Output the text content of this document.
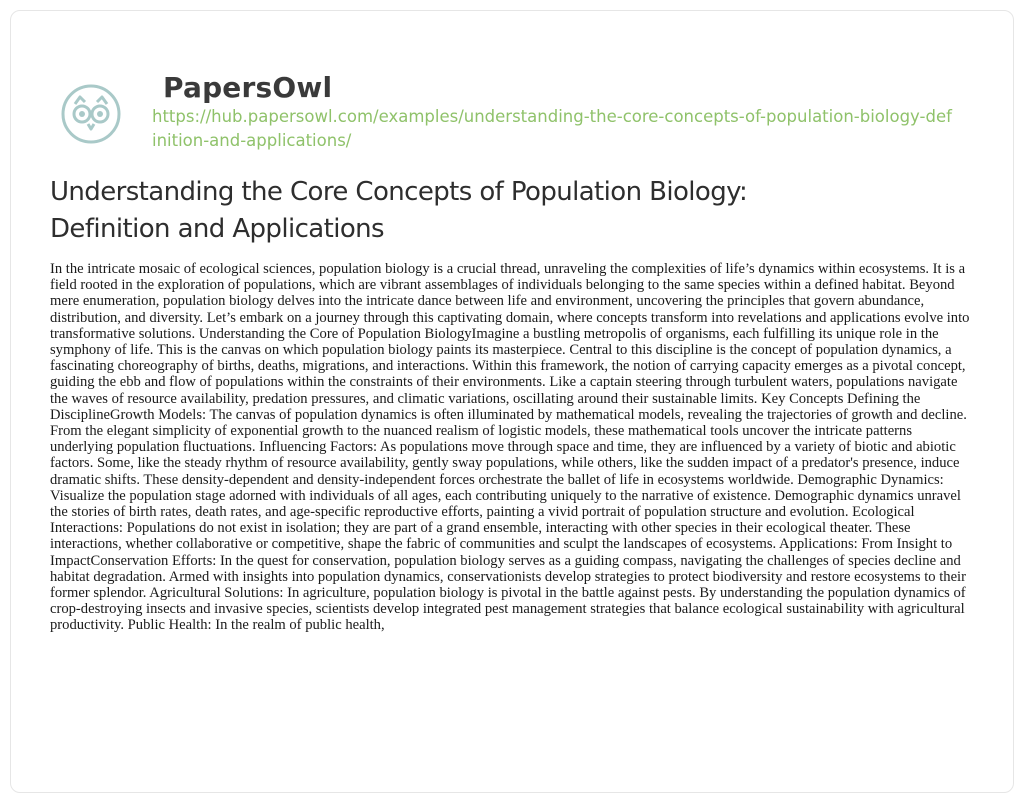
PapersOwl
https://hub.papersowl.com/examples/understanding-the-core-concepts-of-population-biology-definition-and-applications/
Understanding the Core Concepts of Population Biology: Definition and Applications

In the intricate mosaic of ecological sciences, population biology is a crucial thread, unraveling the complexities of life’s dynamics within ecosystems. It is a field rooted in the exploration of populations, which are vibrant assemblages of individuals belonging to the same species within a defined habitat. Beyond mere enumeration, population biology delves into the intricate dance between life and environment, uncovering the principles that govern abundance, distribution, and diversity. Let’s embark on a journey through this captivating domain, where concepts transform into revelations and applications evolve into transformative solutions. Understanding the Core of Population BiologyImagine a bustling metropolis of organisms, each fulfilling its unique role in the symphony of life. This is the canvas on which population biology paints its masterpiece. Central to this discipline is the concept of population dynamics, a fascinating choreography of births, deaths, migrations, and interactions. Within this framework, the notion of carrying capacity emerges as a pivotal concept, guiding the ebb and flow of populations within the constraints of their environments. Like a captain steering through turbulent waters, populations navigate the waves of resource availability, predation pressures, and climatic variations, oscillating around their sustainable limits. Key Concepts Defining the DisciplineGrowth Models: The canvas of population dynamics is often illuminated by mathematical models, revealing the trajectories of growth and decline. From the elegant simplicity of exponential growth to the nuanced realism of logistic models, these mathematical tools uncover the intricate patterns underlying population fluctuations. Influencing Factors: As populations move through space and time, they are influenced by a variety of biotic and abiotic factors. Some, like the steady rhythm of resource availability, gently sway populations, while others, like the sudden impact of a predator's presence, induce dramatic shifts. These density-dependent and density-independent forces orchestrate the ballet of life in ecosystems worldwide. Demographic Dynamics: Visualize the population stage adorned with individuals of all ages, each contributing uniquely to the narrative of existence. Demographic dynamics unravel the stories of birth rates, death rates, and age-specific reproductive efforts, painting a vivid portrait of population structure and evolution. Ecological Interactions: Populations do not exist in isolation; they are part of a grand ensemble, interacting with other species in their ecological theater. These interactions, whether collaborative or competitive, shape the fabric of communities and sculpt the landscapes of ecosystems. Applications: From Insight to ImpactConservation Efforts: In the quest for conservation, population biology serves as a guiding compass, navigating the challenges of species decline and habitat degradation. Armed with insights into population dynamics, conservationists develop strategies to protect biodiversity and restore ecosystems to their former splendor. Agricultural Solutions: In agriculture, population biology is pivotal in the battle against pests. By understanding the population dynamics of crop-destroying insects and invasive species, scientists develop integrated pest management strategies that balance ecological sustainability with agricultural productivity. Public Health: In the realm of public health,
